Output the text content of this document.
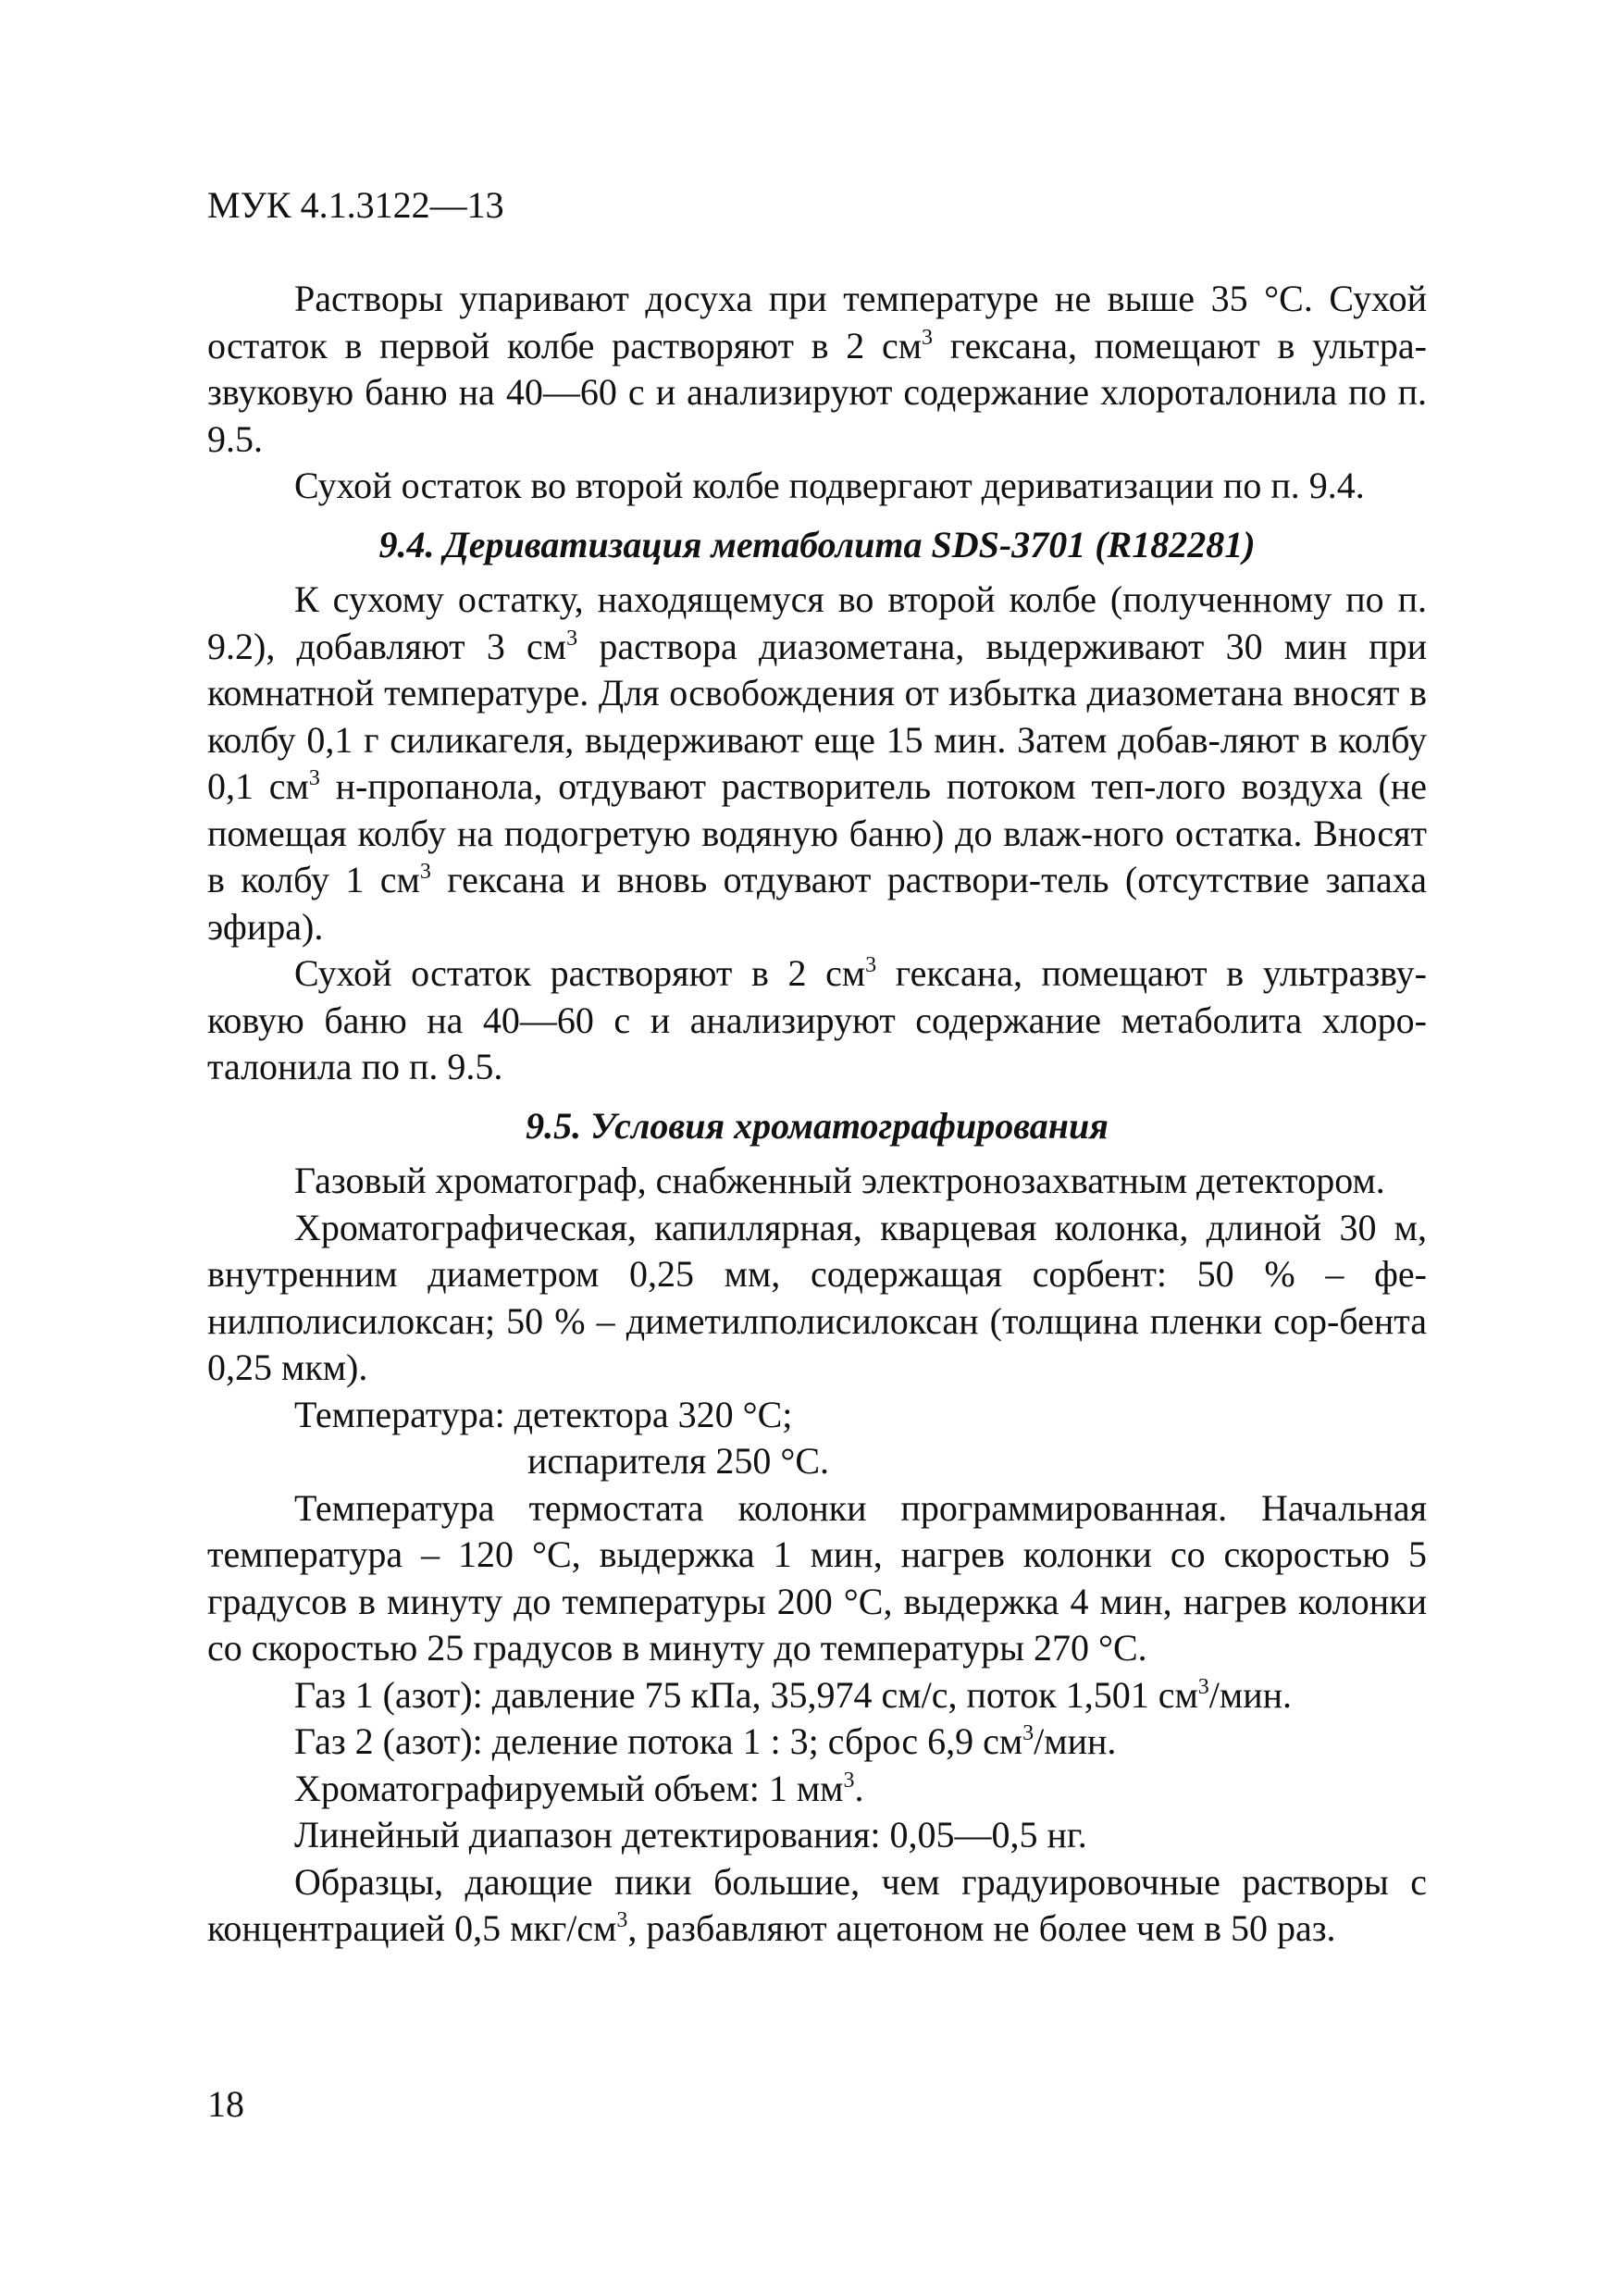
МУК 4.1.3122—13

Растворы упаривают досуха при температуре не выше 35 °С. Сухой остаток в первой колбе растворяют в 2 $см^3$ гексана, помещают в ультра-звуковую баню на 40—60 с и анализируют содержание хлороталонила по п. 9.5.

Сухой остаток во второй колбе подвергают дериватизации по п. 9.4.

9.4. Дериватизация метаболита SDS-3701 (R182281)

К сухому остатку, находящемуся во второй колбе (полученному по п. 9.2), добавляют 3 $см^3$ раствора диазометана, выдерживают 30 мин при комнатной температуре. Для освобождения от избытка диазометана вносят в колбу 0,1 г силикагеля, выдерживают еще 15 мин. Затем добав-ляют в колбу 0,1 $см^3$ н-пропанола, отдувают растворитель потоком теп-лого воздуха (не помещая колбу на подогретую водяную баню) до влаж-ного остатка. Вносят в колбу 1 $см^3$ гексана и вновь отдувают раствори-тель (отсутствие запаха эфира).

Сухой остаток растворяют в 2 $см^3$ гексана, помещают в ультразву-ковую баню на 40—60 с и анализируют содержание метаболита хлоро-талонила по п. 9.5.

9.5. Условия хроматографирования

Газовый хроматограф, снабженный электронозахватным детектором.

Хроматографическая, капиллярная, кварцевая колонка, длиной 30 м, внутренним диаметром 0,25 мм, содержащая сорбент: 50 % – фе-нилполисилоксан; 50 % – диметилполисилоксан (толщина пленки сор-бента 0,25 мкм).

Температура: детектора 320 °С;

испарителя 250 °С.

Температура термостата колонки программированная. Начальная температура – 120 °С, выдержка 1 мин, нагрев колонки со скоростью 5 градусов в минуту до температуры 200 °С, выдержка 4 мин, нагрев колонки со скоростью 25 градусов в минуту до температуры 270 °С.

Газ 1 (азот): давление 75 кПа, 35,974 см/с, поток 1,501 $см^3$/мин.

Газ 2 (азот): деление потока 1 : 3; сброс 6,9 $см^3$/мин.

Хроматографируемый объем: 1 $мм^3$.

Линейный диапазон детектирования: 0,05—0,5 нг.

Образцы, дающие пики большие, чем градуировочные растворы с концентрацией 0,5 мкг/$см^3$, разбавляют ацетоном не более чем в 50 раз.

18
